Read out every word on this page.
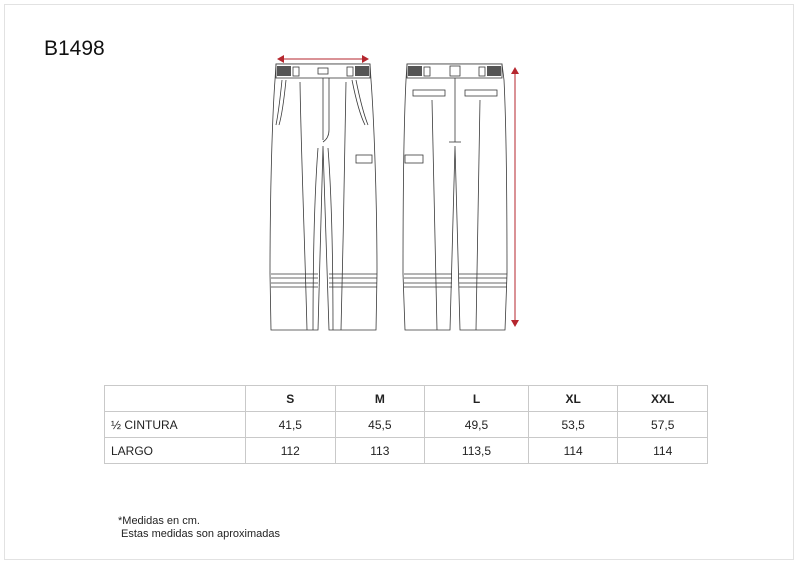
B1498
	S	M	L	XL	XXL
½ CINTURA	41,5	45,5	49,5	53,5	57,5
LARGO	112	113	113,5	114	114
*Medidas en cm.
Estas medidas son aproximadas
